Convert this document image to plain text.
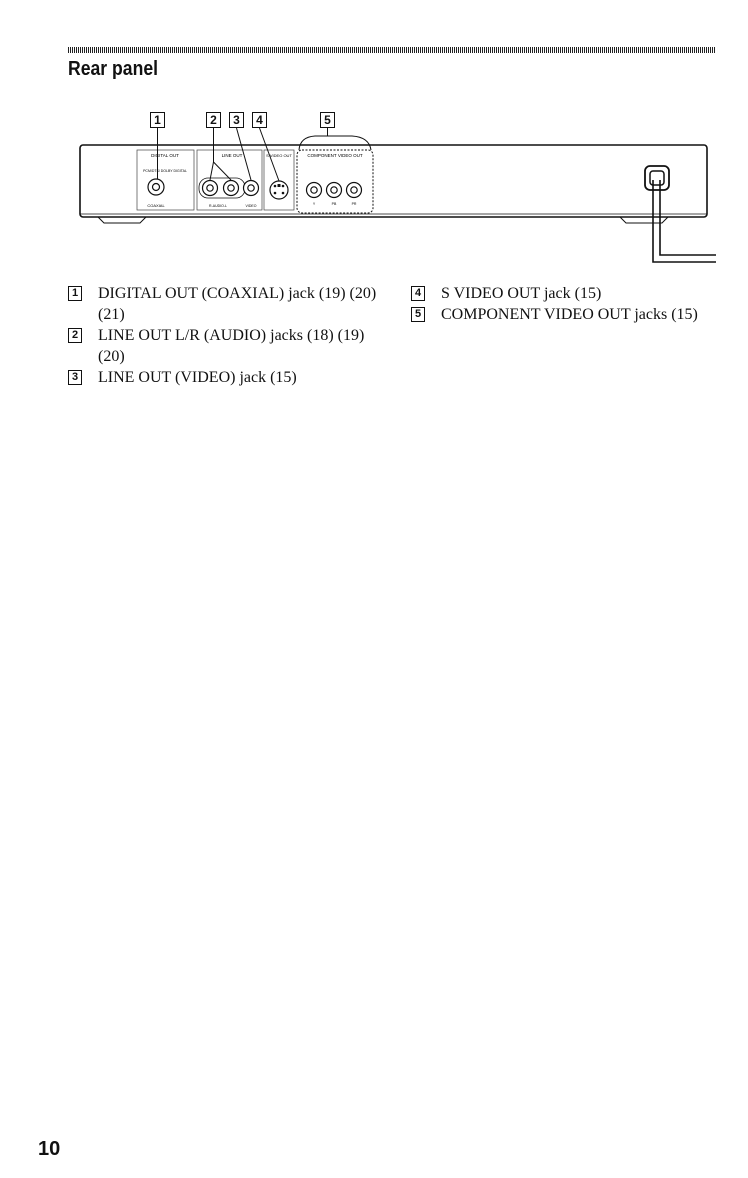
Rear panel
1	2	3	4	5
DIGITAL OUT
PCM/DTS/ DOLBY DIGITAL
COAXIAL
LINE OUT
R-AUDIO-L	VIDEO
S VIDEO OUT	COMPONENT VIDEO OUT
Y	PB	PR
1 DIGITAL OUT (COAXIAL) jack (19) (20) (21)
2 LINE OUT L/R (AUDIO) jacks (18) (19) (20)
3 LINE OUT (VIDEO) jack (15)
4 S VIDEO OUT jack (15)
5 COMPONENT VIDEO OUT jacks (15)
10
